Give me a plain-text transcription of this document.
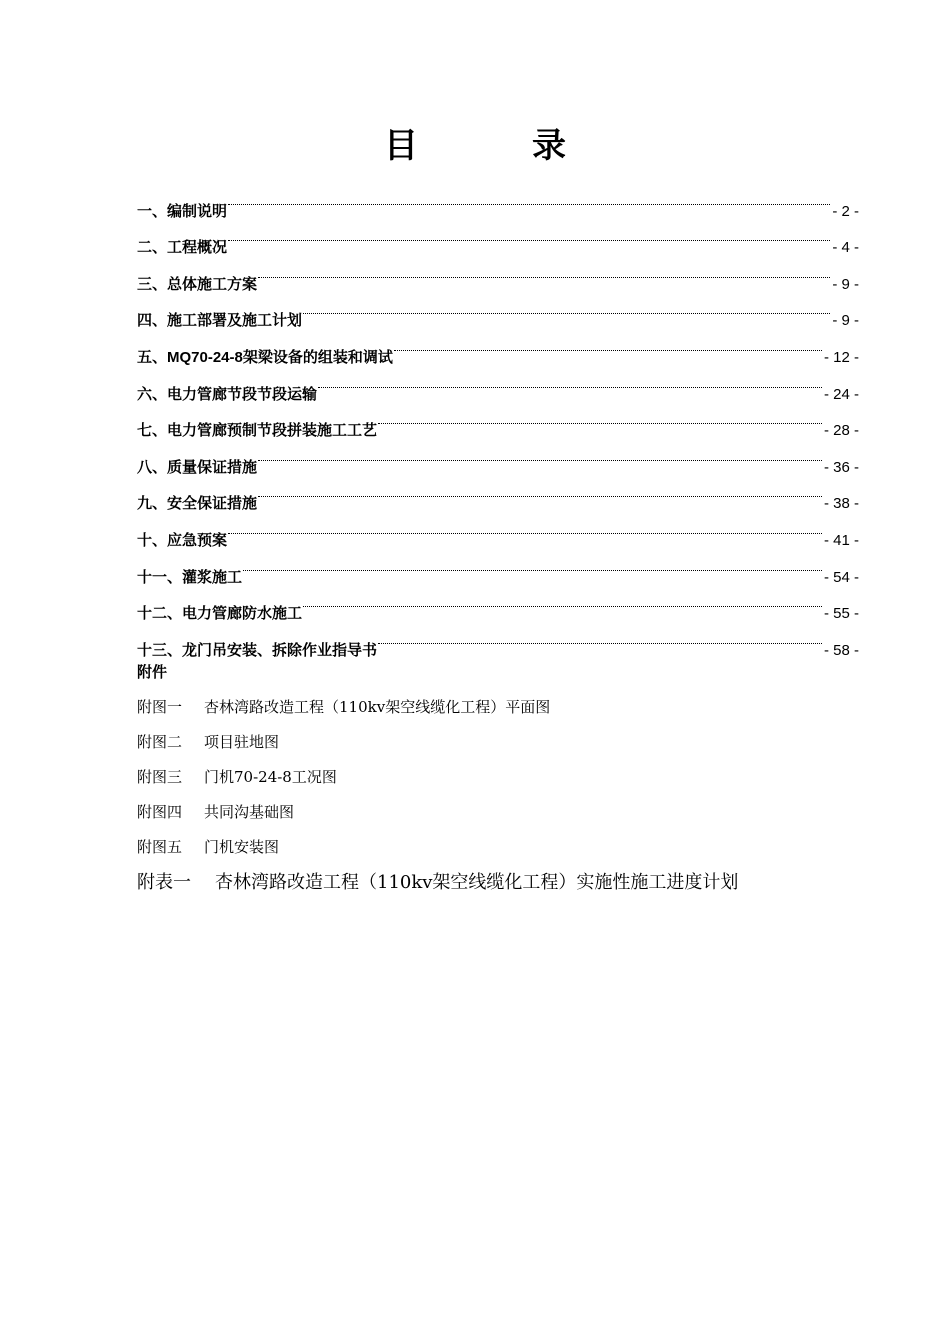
目　录
一、编制说明	- 2 -
二、工程概况	- 4 -
三、总体施工方案	- 9 -
四、施工部署及施工计划	- 9 -
五、MQ70-24-8架梁设备的组装和调试	- 12 -
六、电力管廊节段节段运输	- 24 -
七、电力管廊预制节段拼装施工工艺	- 28 -
八、质量保证措施	- 36 -
九、安全保证措施	- 38 -
十、应急预案	- 41 -
十一、灌浆施工	- 54 -
十二、电力管廊防水施工	- 55 -
十三、龙门吊安装、拆除作业指导书	- 58 -
附件
附图一 杏林湾路改造工程（110kv架空线缆化工程）平面图
附图二 项目驻地图
附图三 门机70-24-8工况图
附图四 共同沟基础图
附图五 门机安装图
附表一 杏林湾路改造工程（110kv架空线缆化工程）实施性施工进度计划
